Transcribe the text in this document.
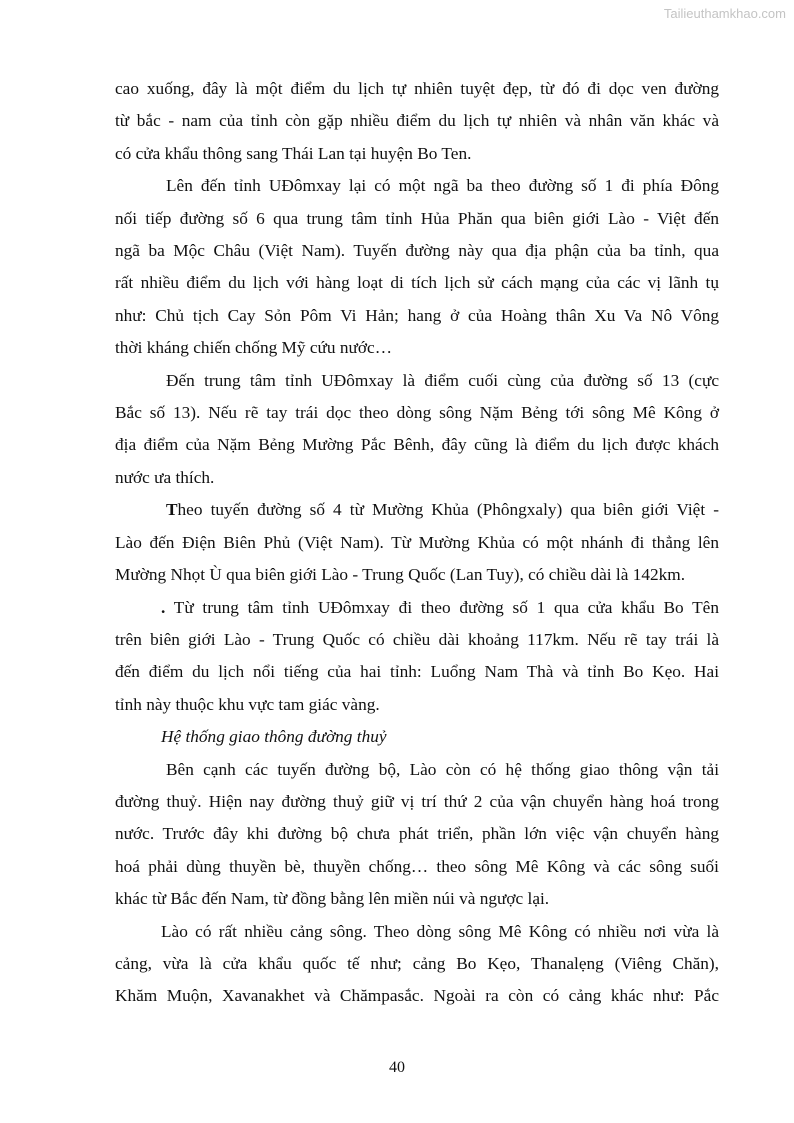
Tailieuthamkhao.com

cao xuống, đây là một điểm du lịch tự nhiên tuyệt đẹp, từ đó đi dọc ven đường
từ bắc - nam của tỉnh còn gặp nhiều điểm du lịch tự nhiên và nhân văn khác và
có cửa khẩu thông sang Thái Lan tại huyện Bo Ten.

Lên đến tỉnh UĐômxay lại có một ngã ba theo đường số 1 đi phía Đông
nối tiếp đường số 6 qua trung tâm tỉnh Hủa Phăn qua biên giới Lào - Việt đến
ngã ba Mộc Châu (Việt Nam). Tuyến đường này qua địa phận của ba tỉnh, qua
rất nhiều điểm du lịch với hàng loạt di tích lịch sử cách mạng của các vị lãnh tụ
như: Chủ tịch Cay Sỏn Pôm Vi Hản; hang ở của Hoàng thân Xu Va Nô Vông
thời kháng chiến chống Mỹ cứu nước…

Đến trung tâm tỉnh UĐômxay là điểm cuối cùng của đường số 13 (cực
Bắc số 13). Nếu rẽ tay trái dọc theo dòng sông Nặm Bẻng tới sông Mê Kông ở
địa điểm của Nặm Bẻng Mường Pắc Bênh, đây cũng là điểm du lịch được khách
nước ưa thích.

Theo tuyến đường số 4 từ Mường Khủa (Phôngxaly) qua biên giới Việt -
Lào đến Điện Biên Phủ (Việt Nam). Từ Mường Khủa có một nhánh đi thẳng lên
Mường Nhọt Ù qua biên giới Lào - Trung Quốc (Lan Tuy), có chiều dài là 142km.

. Từ trung tâm tỉnh UĐômxay đi theo đường số 1 qua cửa khẩu Bo Tên
trên biên giới Lào - Trung Quốc có chiều dài khoảng 117km. Nếu rẽ tay trái là
đến điểm du lịch nổi tiếng của hai tỉnh: Luổng Nam Thà và tỉnh Bo Kẹo. Hai
tỉnh này thuộc khu vực tam giác vàng.

Hệ thống giao thông đường thuỷ

Bên cạnh các tuyến đường bộ, Lào còn có hệ thống giao thông vận tải
đường thuỷ. Hiện nay đường thuỷ giữ vị trí thứ 2 của vận chuyển hàng hoá trong
nước. Trước đây khi đường bộ chưa phát triển, phần lớn việc vận chuyển hàng
hoá phải dùng thuyền bè, thuyền chống… theo sông Mê Kông và các sông suối
khác từ Bắc đến Nam, từ đồng bằng lên miền núi và ngược lại.

Lào có rất nhiều cảng sông. Theo dòng sông Mê Kông có nhiều nơi vừa là
cảng, vừa là cửa khẩu quốc tế như; cảng Bo Kẹo, Thanalẹng (Viêng Chăn),
Khăm Muộn, Xavanakhet và Chămpasắc. Ngoài ra còn có cảng khác như: Pắc

40
